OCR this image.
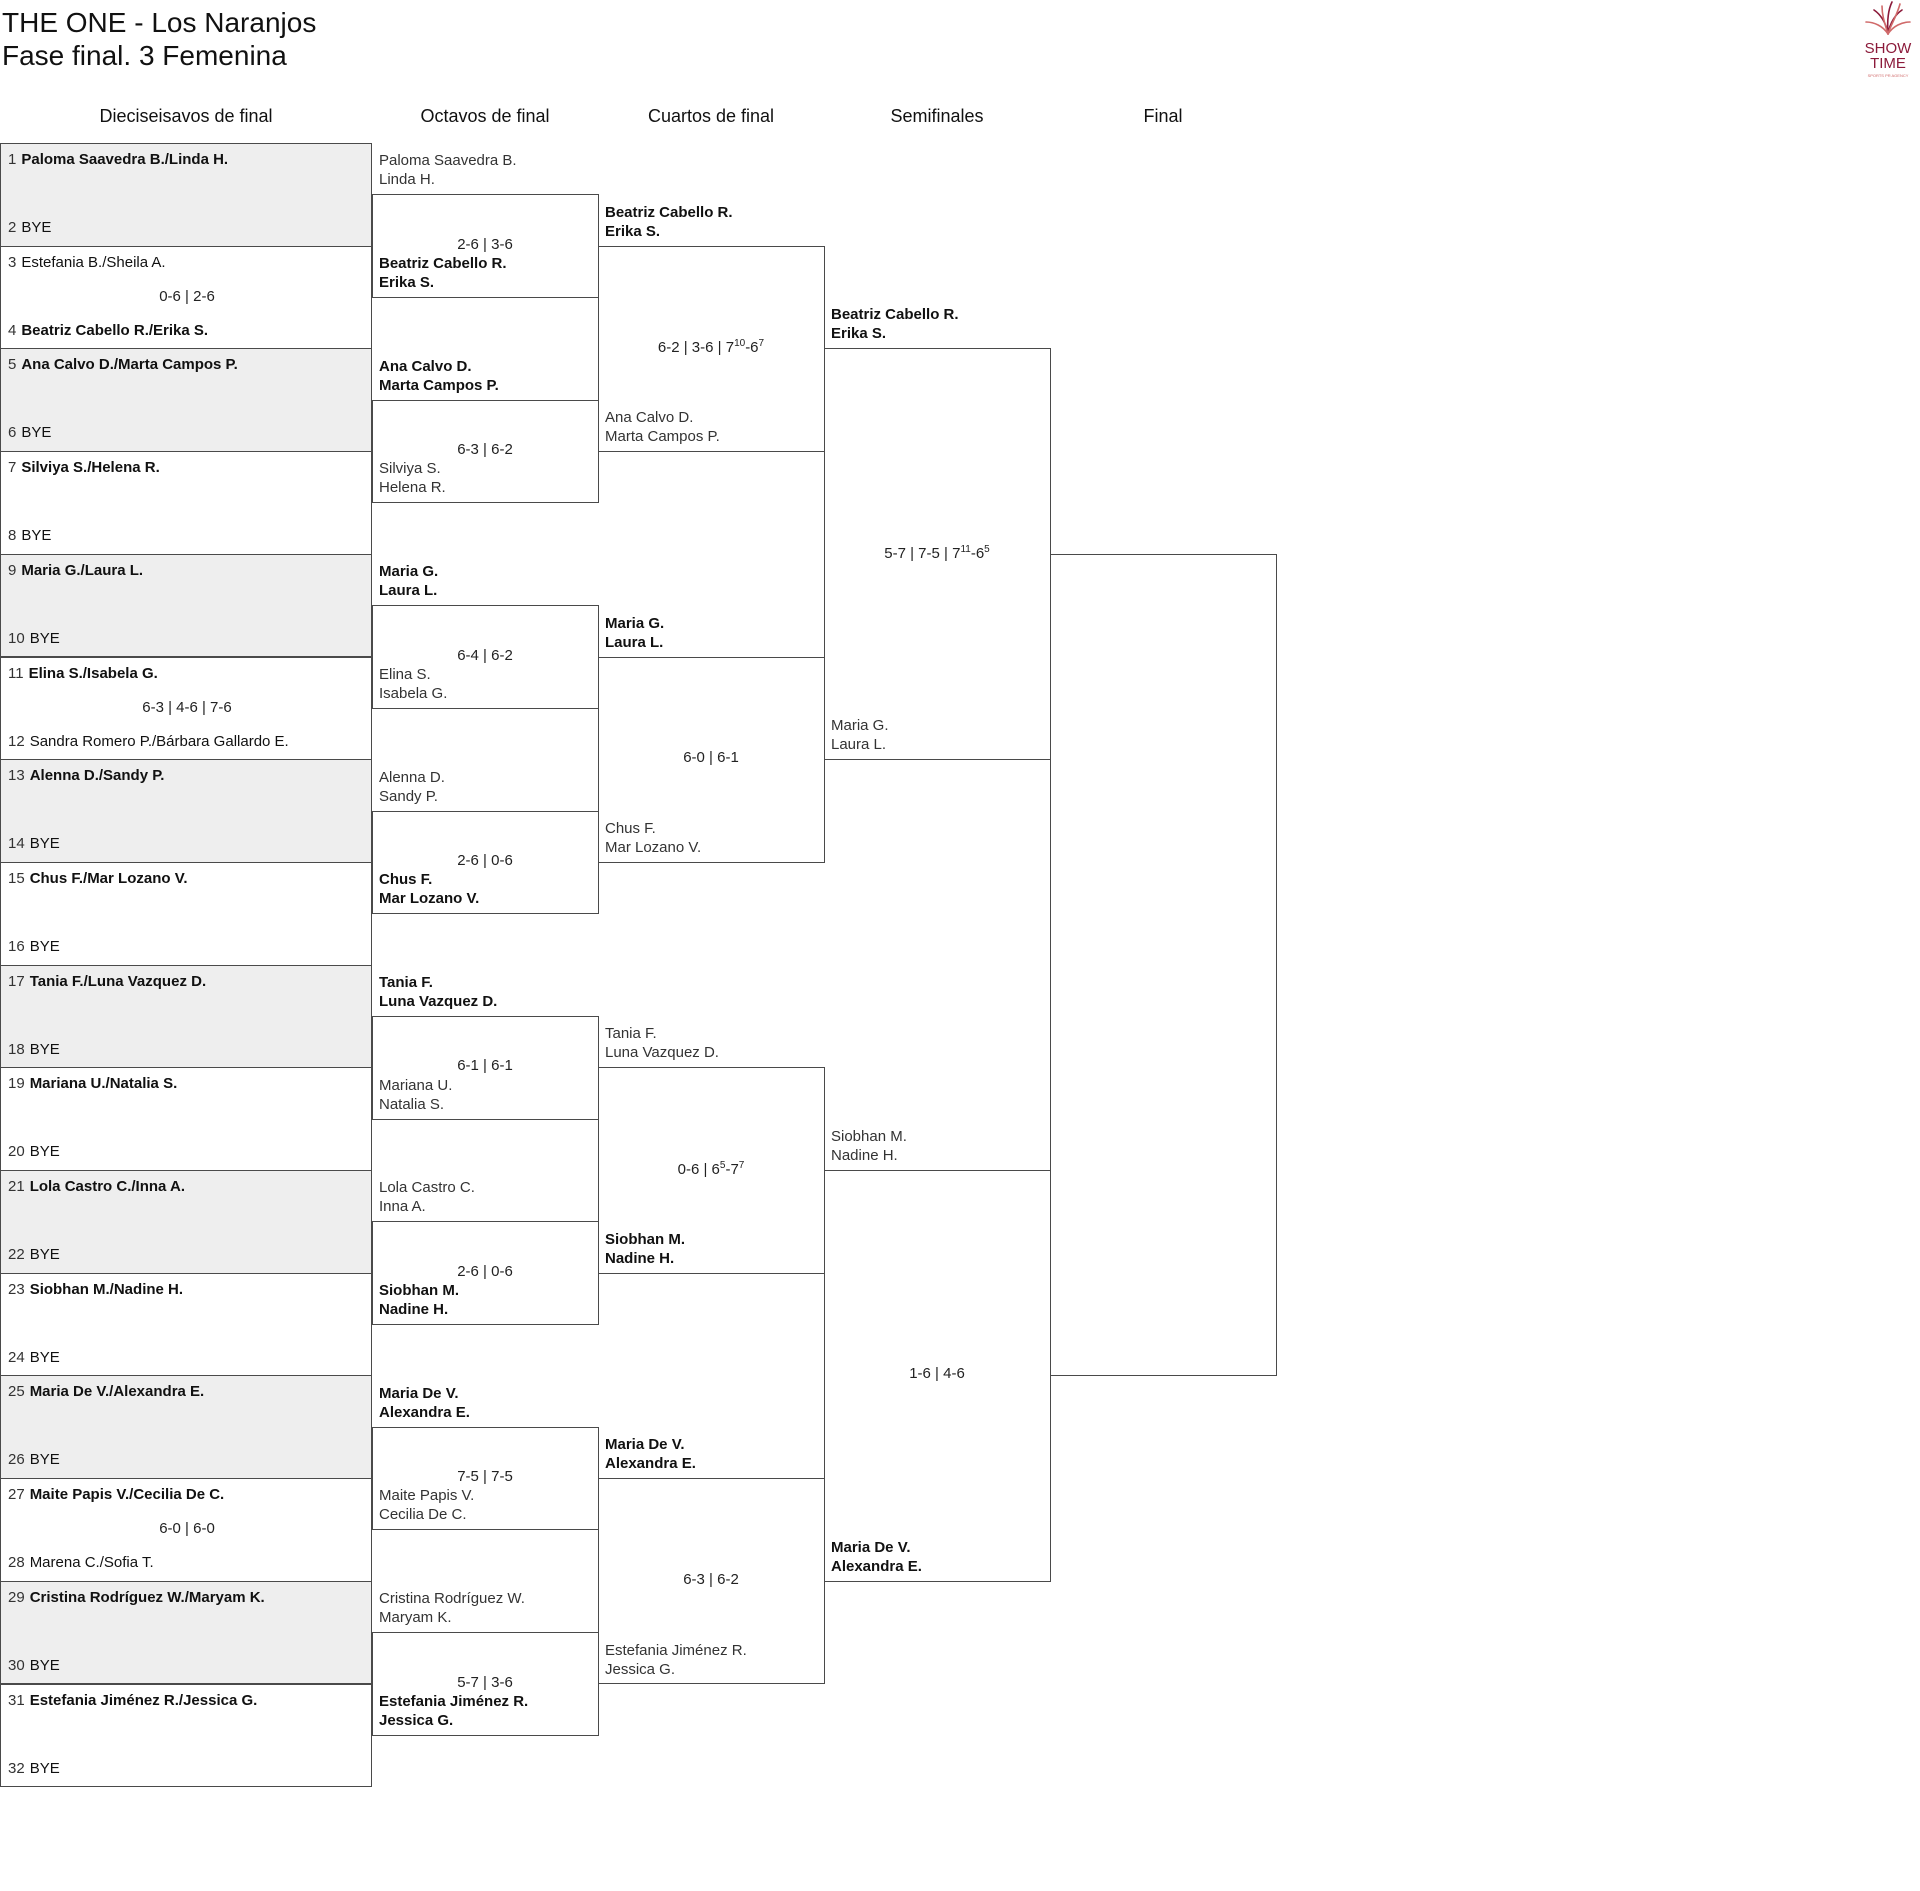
THE ONE - Los Naranjos
Fase final. 3 Femenina	SHOW
TIME
SPORTS PR AGENCY
Dieciseisavos de final	Octavos de final	Cuartos de final	Semifinales	Final
1 Paloma Saavedra B./Linda H.
2 BYE
3 Estefania B./Sheila A.
4 Beatriz Cabello R./Erika S.
0-6 | 2-6
5 Ana Calvo D./Marta Campos P.
6 BYE
7 Silviya S./Helena R.
8 BYE
9 Maria G./Laura L.
10 BYE
11 Elina S./Isabela G.
12 Sandra Romero P./Bárbara Gallardo E.
6-3 | 4-6 | 7-6
13 Alenna D./Sandy P.
14 BYE
15 Chus F./Mar Lozano V.
16 BYE
17 Tania F./Luna Vazquez D.
18 BYE
19 Mariana U./Natalia S.
20 BYE
21 Lola Castro C./Inna A.
22 BYE
23 Siobhan M./Nadine H.
24 BYE
25 Maria De V./Alexandra E.
26 BYE
27 Maite Papis V./Cecilia De C.
28 Marena C./Sofia T.
6-0 | 6-0
29 Cristina Rodríguez W./Maryam K.
30 BYE
31 Estefania Jiménez R./Jessica G.
32 BYE
Paloma Saavedra B.
Linda H.
Beatriz Cabello R.
Erika S.
2-6 | 3-6
Ana Calvo D.
Marta Campos P.
Silviya S.
Helena R.
6-3 | 6-2
Maria G.
Laura L.
Elina S.
Isabela G.
6-4 | 6-2
Alenna D.
Sandy P.
Chus F.
Mar Lozano V.
2-6 | 0-6
Tania F.
Luna Vazquez D.
Mariana U.
Natalia S.
6-1 | 6-1
Lola Castro C.
Inna A.
Siobhan M.
Nadine H.
2-6 | 0-6
Maria De V.
Alexandra E.
Maite Papis V.
Cecilia De C.
7-5 | 7-5
Cristina Rodríguez W.
Maryam K.
Estefania Jiménez R.
Jessica G.
5-7 | 3-6
Beatriz Cabello R.
Erika S.
Ana Calvo D.
Marta Campos P.
6-2 | 3-6 | $7^{10}-6^7$
Maria G.
Laura L.
Chus F.
Mar Lozano V.
6-0 | 6-1
Tania F.
Luna Vazquez D.
Siobhan M.
Nadine H.
0-6 | $6^5-7^7$
Maria De V.
Alexandra E.
Estefania Jiménez R.
Jessica G.
6-3 | 6-2
Beatriz Cabello R.
Erika S.
Maria G.
Laura L.
5-7 | 7-5 | $7^{11}-6^5$
Siobhan M.
Nadine H.
Maria De V.
Alexandra E.
1-6 | 4-6
